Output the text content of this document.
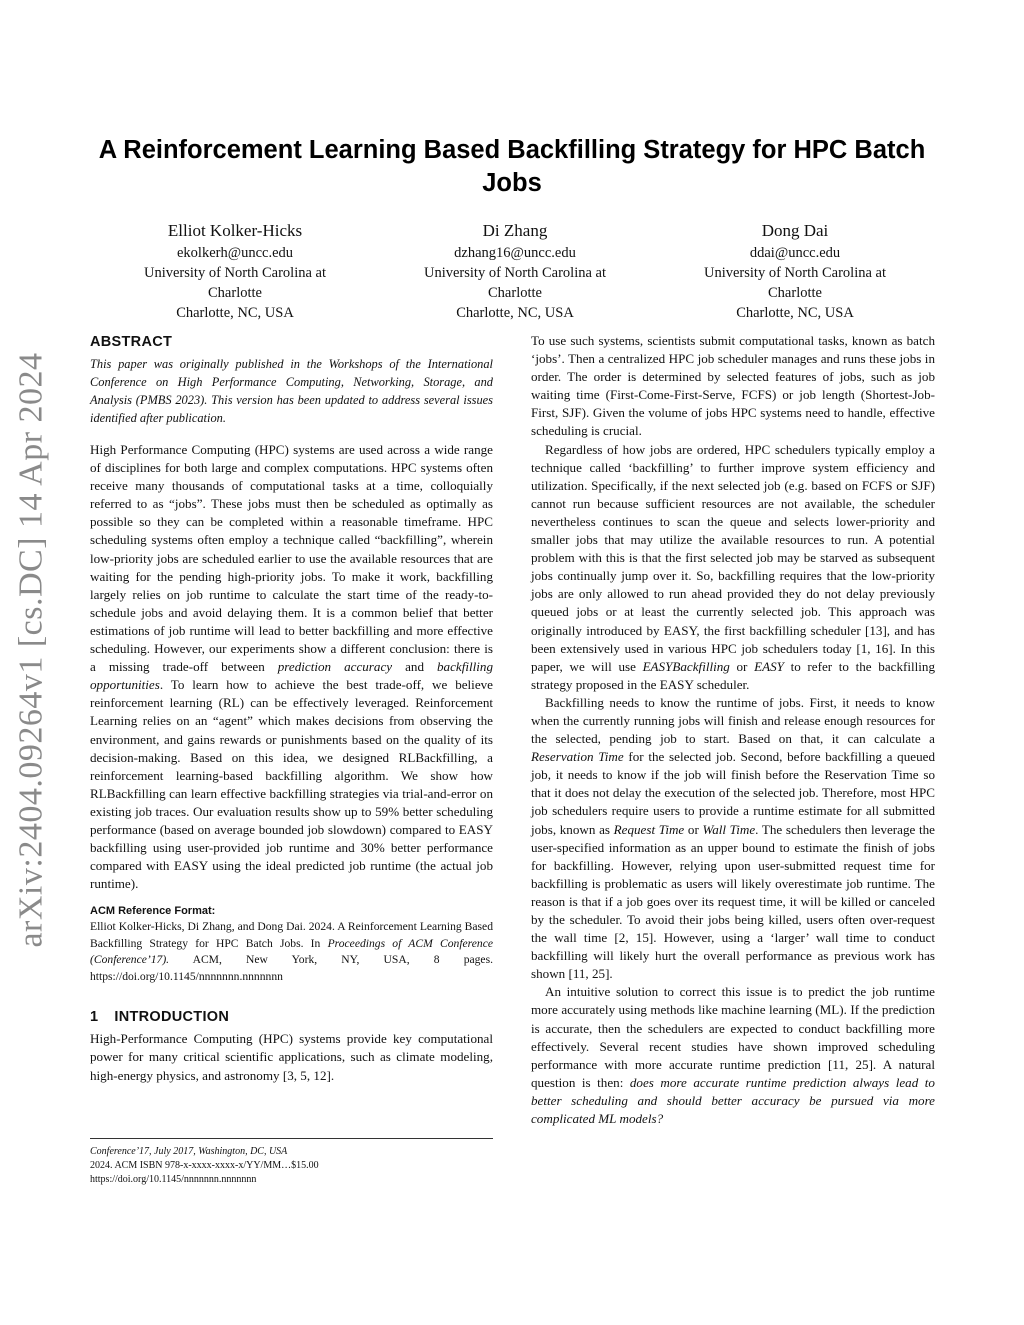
arXiv:2404.09264v1 [cs.DC] 14 Apr 2024
A Reinforcement Learning Based Backfilling Strategy for HPC Batch Jobs
Elliot Kolker-Hicks
ekolkerh@uncc.edu
University of North Carolina at
Charlotte
Charlotte, NC, USA
Di Zhang
dzhang16@uncc.edu
University of North Carolina at
Charlotte
Charlotte, NC, USA
Dong Dai
ddai@uncc.edu
University of North Carolina at
Charlotte
Charlotte, NC, USA
ABSTRACT

This paper was originally published in the Workshops of the International Conference on High Performance Computing, Networking, Storage, and Analysis (PMBS 2023). This version has been updated to address several issues identified after publication.

High Performance Computing (HPC) systems are used across a wide range of disciplines for both large and complex computations. HPC systems often receive many thousands of computational tasks at a time, colloquially referred to as “jobs”. These jobs must then be scheduled as optimally as possible so they can be completed within a reasonable timeframe. HPC scheduling systems often employ a technique called “backfilling”, wherein low-priority jobs are scheduled earlier to use the available resources that are waiting for the pending high-priority jobs. To make it work, backfilling largely relies on job runtime to calculate the start time of the ready-to-schedule jobs and avoid delaying them. It is a common belief that better estimations of job runtime will lead to better backfilling and more effective scheduling. However, our experiments show a different conclusion: there is a missing trade-off between prediction accuracy and backfilling opportunities. To learn how to achieve the best trade-off, we believe reinforcement learning (RL) can be effectively leveraged. Reinforcement Learning relies on an “agent” which makes decisions from observing the environment, and gains rewards or punishments based on the quality of its decision-making. Based on this idea, we designed RLBackfilling, a reinforcement learning-based backfilling algorithm. We show how RLBackfilling can learn effective backfilling strategies via trial-and-error on existing job traces. Our evaluation results show up to 59% better scheduling performance (based on average bounded job slowdown) compared to EASY backfilling using user-provided job runtime and 30% better performance compared with EASY using the ideal predicted job runtime (the actual job runtime).

ACM Reference Format:

Elliot Kolker-Hicks, Di Zhang, and Dong Dai. 2024. A Reinforcement Learning Based Backfilling Strategy for HPC Batch Jobs. In Proceedings of ACM Conference (Conference’17). ACM, New York, NY, USA, 8 pages. https://doi.org/10.1145/nnnnnnn.nnnnnnn

1 INTRODUCTION

High-Performance Computing (HPC) systems provide key computational power for many critical scientific applications, such as climate modeling, high-energy physics, and astronomy [3, 5, 12].

Conference’17, July 2017, Washington, DC, USA
2024. ACM ISBN 978-x-xxxx-xxxx-x/YY/MM…$15.00
https://doi.org/10.1145/nnnnnnn.nnnnnnn

To use such systems, scientists submit computational tasks, known as batch ‘jobs’. Then a centralized HPC job scheduler manages and runs these jobs in order. The order is determined by selected features of jobs, such as job waiting time (First-Come-First-Serve, FCFS) or job length (Shortest-Job-First, SJF). Given the volume of jobs HPC systems need to handle, effective scheduling is crucial.

Regardless of how jobs are ordered, HPC schedulers typically employ a technique called ‘backfilling’ to further improve system efficiency and utilization. Specifically, if the next selected job (e.g. based on FCFS or SJF) cannot run because sufficient resources are not available, the scheduler nevertheless continues to scan the queue and selects lower-priority and smaller jobs that may utilize the available resources to run. A potential problem with this is that the first selected job may be starved as subsequent jobs continually jump over it. So, backfilling requires that the low-priority jobs are only allowed to run ahead provided they do not delay previously queued jobs or at least the currently selected job. This approach was originally introduced by EASY, the first backfilling scheduler [13], and has been extensively used in various HPC job schedulers today [1, 16]. In this paper, we will use EASYBackfilling or EASY to refer to the backfilling strategy proposed in the EASY scheduler.

Backfilling needs to know the runtime of jobs. First, it needs to know when the currently running jobs will finish and release enough resources for the selected, pending job to start. Based on that, it can calculate a Reservation Time for the selected job. Second, before backfilling a queued job, it needs to know if the job will finish before the Reservation Time so that it does not delay the execution of the selected job. Therefore, most HPC job schedulers require users to provide a runtime estimate for all submitted jobs, known as Request Time or Wall Time. The schedulers then leverage the user-specified information as an upper bound to estimate the finish of jobs for backfilling. However, relying upon user-submitted request time for backfilling is problematic as users will likely overestimate job runtime. The reason is that if a job goes over its request time, it will be killed or canceled by the scheduler. To avoid their jobs being killed, users often over-request the wall time [2, 15]. However, using a ‘larger’ wall time to conduct backfilling will likely hurt the overall performance as previous work has shown [11, 25].

An intuitive solution to correct this issue is to predict the job runtime more accurately using methods like machine learning (ML). If the prediction is accurate, then the schedulers are expected to conduct backfilling more effectively. Several recent studies have shown improved scheduling performance with more accurate runtime prediction [11, 25]. A natural question is then: does more accurate runtime prediction always lead to better scheduling and should better accuracy be pursued via more complicated ML models?
